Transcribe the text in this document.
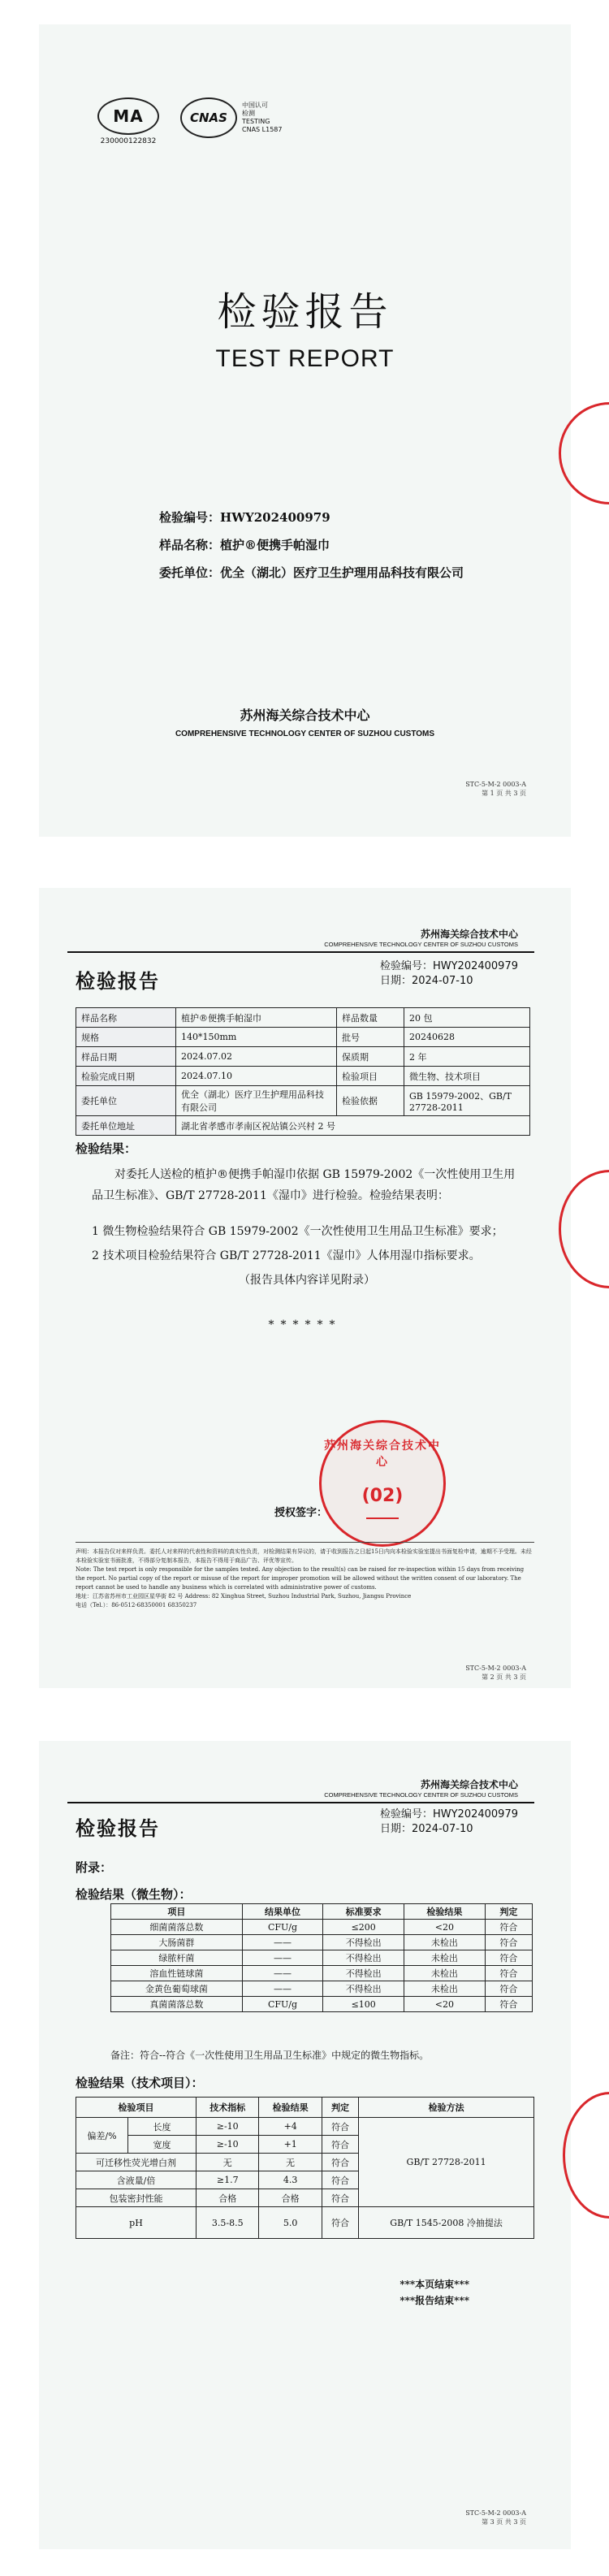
MA
230000122832
CNAS
中国认可
检测
TESTING
CNAS L1587
检验报告
TEST REPORT
检验编号：HWY202400979
样品名称：植护®便携手帕湿巾
委托单位：优全（湖北）医疗卫生护理用品科技有限公司
苏州海关综合技术中心
COMPREHENSIVE TECHNOLOGY CENTER OF SUZHOU CUSTOMS
STC-5-M-2 0003-A
第 1 页 共 3 页
苏州海关综合技术中心
COMPREHENSIVE TECHNOLOGY CENTER OF SUZHOU CUSTOMS
检验报告
检验编号：HWY202400979
日期：2024-07-10
样品名称	植护®便携手帕湿巾	样品数量	20 包
规格	140*150mm	批号	20240628
样品日期	2024.07.02	保质期	2 年
检验完成日期	2024.07.10	检验项目	微生物、技术项目
委托单位	优全（湖北）医疗卫生护理用品科技有限公司	检验依据	GB 15979-2002、GB/T 27728-2011
委托单位地址	湖北省孝感市孝南区祝站镇公兴村 2 号		
检验结果：
对委托人送检的植护®便携手帕湿巾依据 GB 15979-2002《一次性使用卫生用品卫生标准》、GB/T 27728-2011《湿巾》进行检验。检验结果表明：
1 微生物检验结果符合 GB 15979-2002《一次性使用卫生用品卫生标准》要求；
2 技术项目检验结果符合 GB/T 27728-2011《湿巾》人体用湿巾指标要求。
（报告具体内容详见附录）
******
授权签字：
苏州海关综合技术中心
(02)
声明：本报告仅对来样负责。委托人对来样的代表性和资料的真实性负责，对检测结果有异议的，请于收到报告之日起15日内向本检验实验室提出书面复检申请，逾期不予受理。未经本检验实验室书面批准，不得部分复制本报告，本报告不得用于商品广告、评优等宣传。
Note: The test report is only responsible for the samples tested. Any objection to the result(s) can be raised for re-inspection within 15 days from receiving the report. No partial copy of the report or misuse of the report for improper promotion will be allowed without the written consent of our laboratory. The report cannot be used to handle any business which is correlated with administrative power of customs.
地址：江苏省苏州市工业园区星华街 82 号 Address: 82 Xinghua Street, Suzhou Industrial Park, Suzhou, Jiangsu Province
电话（Tel.）：86-0512-68350001 68350237
STC-5-M-2 0003-A
第 2 页 共 3 页
苏州海关综合技术中心
COMPREHENSIVE TECHNOLOGY CENTER OF SUZHOU CUSTOMS
检验报告
检验编号：HWY202400979
日期：2024-07-10
附录：
检验结果（微生物）：
项目	结果单位	标准要求	检验结果	判定
细菌菌落总数	CFU/g	≤200	<20	符合
大肠菌群	——	不得检出	未检出	符合
绿脓杆菌	——	不得检出	未检出	符合
溶血性链球菌	——	不得检出	未检出	符合
金黄色葡萄球菌	——	不得检出	未检出	符合
真菌菌落总数	CFU/g	≤100	<20	符合
备注：符合--符合《一次性使用卫生用品卫生标准》中规定的微生物指标。
检验结果（技术项目）：
检验项目		技术指标	检验结果	判定	检验方法
偏差/%	长度	≥-10	+4	符合	GB/T 27728-2011
	宽度	≥-10	+1	符合	
可迁移性荧光增白剂		无	无	符合	
含液量/倍		≥1.7	4.3	符合	
包装密封性能		合格	合格	符合	
pH		3.5-8.5	5.0	符合	GB/T 1545-2008 冷抽提法
***本页结束***
***报告结束***
STC-5-M-2 0003-A
第 3 页 共 3 页
